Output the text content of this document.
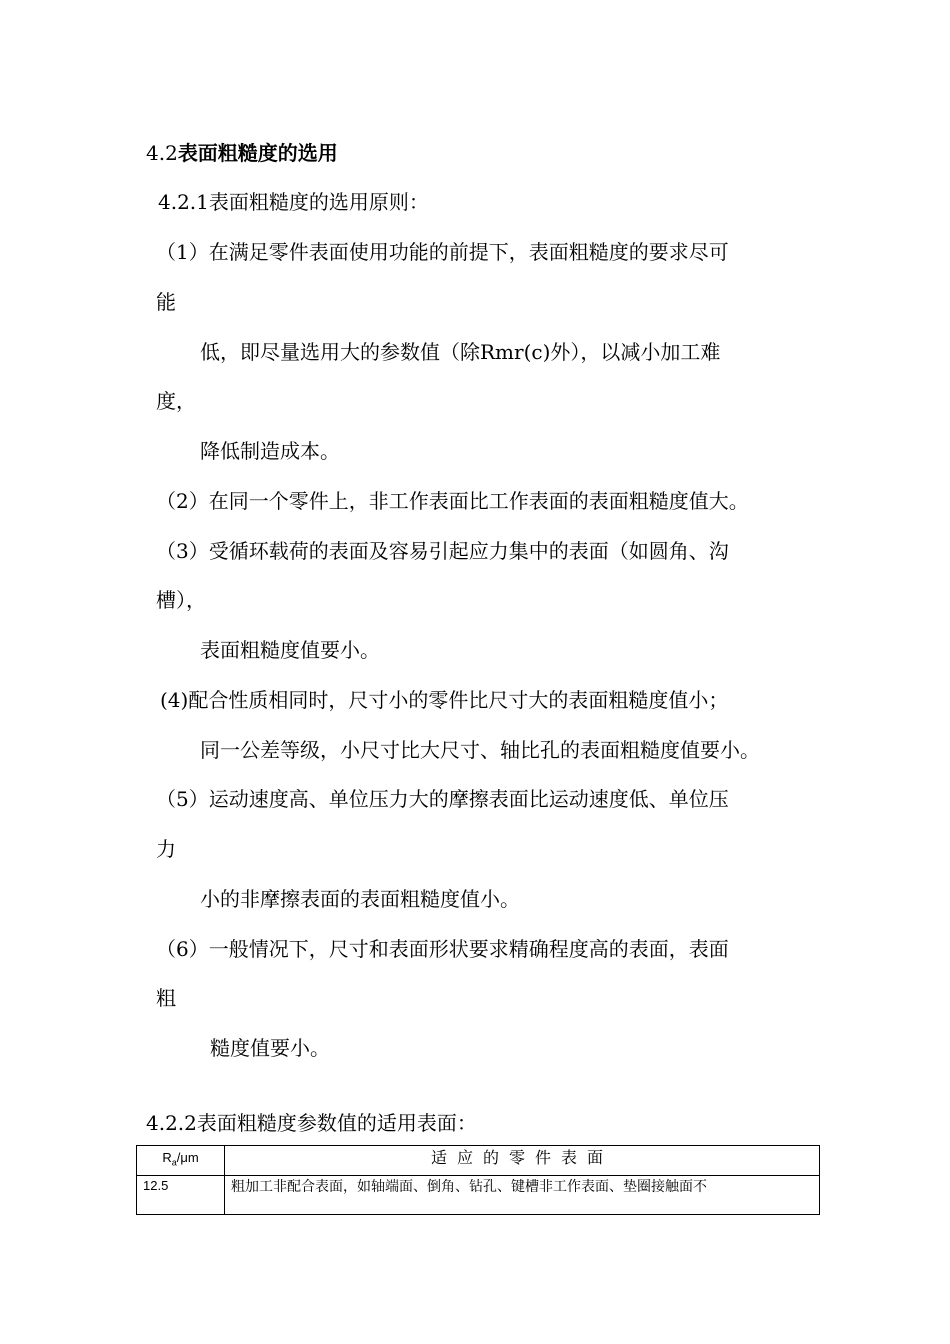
4.2表面粗糙度的选用
4.2.1表面粗糙度的选用原则：
（1）在满足零件表面使用功能的前提下，表面粗糙度的要求尽可
能
低，即尽量选用大的参数值（除Rmr(c)外），以减小加工难
度，
降低制造成本。
（2）在同一个零件上，非工作表面比工作表面的表面粗糙度值大。
（3）受循环载荷的表面及容易引起应力集中的表面（如圆角、沟
槽），
表面粗糙度值要小。
(4)配合性质相同时，尺寸小的零件比尺寸大的表面粗糙度值小；
同一公差等级，小尺寸比大尺寸、轴比孔的表面粗糙度值要小。
（5）运动速度高、单位压力大的摩擦表面比运动速度低、单位压
力
小的非摩擦表面的表面粗糙度值小。
（6）一般情况下，尺寸和表面形状要求精确程度高的表面，表面
粗
糙度值要小。
4.2.2表面粗糙度参数值的适用表面：
$R_a/\mu m$	适应的零件表面
12.5	粗加工非配合表面，如轴端面、倒角、钻孔、键槽非工作表面、垫圈接触面不
